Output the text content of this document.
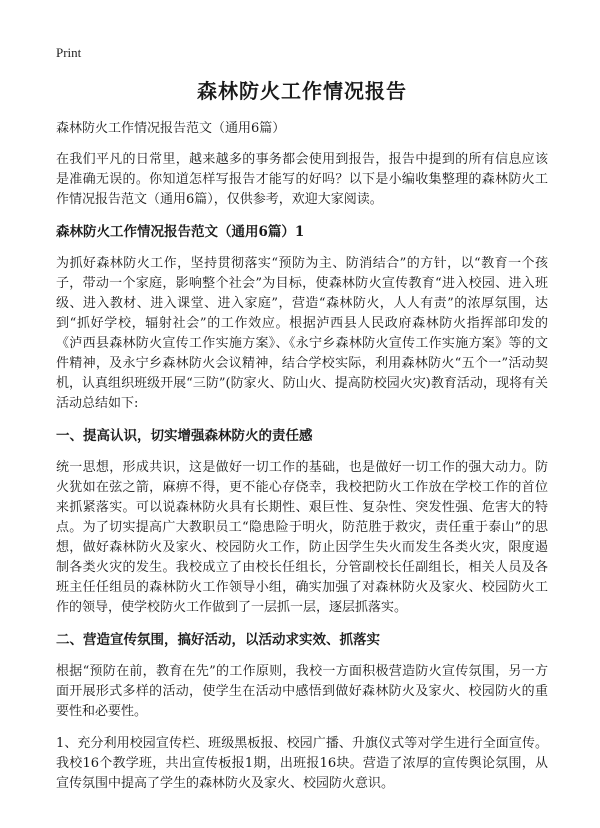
Print
森林防火工作情况报告
森林防火工作情况报告范文（通用6篇）

在我们平凡的日常里，越来越多的事务都会使用到报告，报告中提到的所有信息应该是准确无误的。你知道怎样写报告才能写的好吗？以下是小编收集整理的森林防火工作情况报告范文（通用6篇），仅供参考，欢迎大家阅读。

森林防火工作情况报告范文（通用6篇）1

为抓好森林防火工作，坚持贯彻落实“预防为主、防消结合”的方针，以“教育一个孩子，带动一个家庭，影响整个社会”为目标，使森林防火宣传教育“进入校园、进入班级、进入教材、进入课堂、进入家庭”，营造“森林防火，人人有责”的浓厚氛围，达到“抓好学校，辐射社会”的工作效应。根据泸西县人民政府森林防火指挥部印发的《泸西县森林防火宣传工作实施方案》、《永宁乡森林防火宣传工作实施方案》等的文件精神，及永宁乡森林防火会议精神，结合学校实际，利用森林防火“五个一”活动契机，认真组织班级开展“三防”(防家火、防山火、提高防校园火灾)教育活动，现将有关活动总结如下:

一、提高认识，切实增强森林防火的责任感

统一思想，形成共识，这是做好一切工作的基础，也是做好一切工作的强大动力。防火犹如在弦之箭，麻痹不得，更不能心存侥幸，我校把防火工作放在学校工作的首位来抓紧落实。可以说森林防火具有长期性、艰巨性、复杂性、突发性强、危害大的特点。为了切实提高广大教职员工“隐患险于明火，防范胜于救灾，责任重于泰山”的思想，做好森林防火及家火、校园防火工作，防止因学生失火而发生各类火灾，限度遏制各类火灾的发生。我校成立了由校长任组长，分管副校长任副组长，相关人员及各班主任任组员的森林防火工作领导小组，确实加强了对森林防火及家火、校园防火工作的领导，使学校防火工作做到了一层抓一层，逐层抓落实。

二、营造宣传氛围，搞好活动，以活动求实效、抓落实

根据“预防在前，教育在先”的工作原则，我校一方面积极营造防火宣传氛围，另一方面开展形式多样的活动，使学生在活动中感悟到做好森林防火及家火、校园防火的重要性和必要性。

1、充分利用校园宣传栏、班级黑板报、校园广播、升旗仪式等对学生进行全面宣传。我校16个教学班，共出宣传板报1期，出班报16块。营造了浓厚的宣传舆论氛围，从宣传氛围中提高了学生的森林防火及家火、校园防火意识。
